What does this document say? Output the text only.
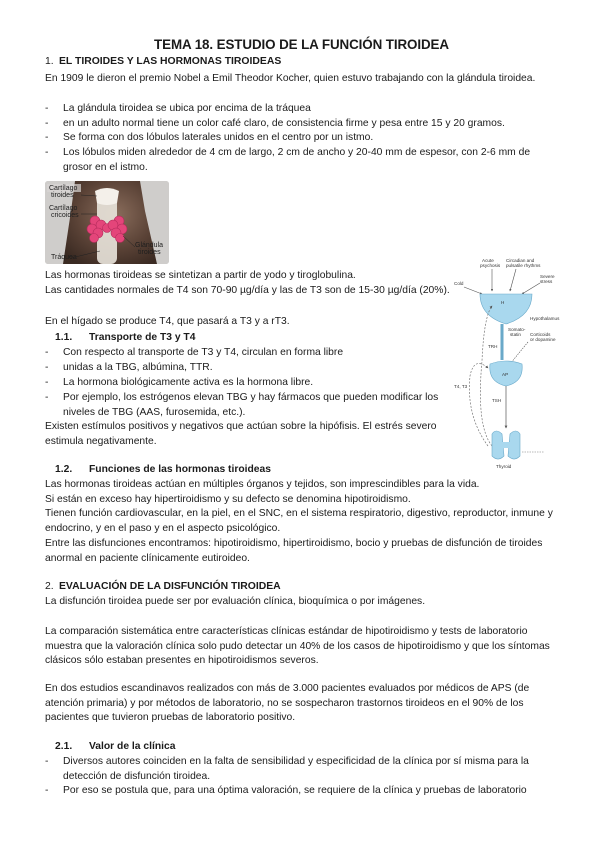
TEMA 18. ESTUDIO DE LA FUNCIÓN TIROIDEA
1. EL TIROIDES Y LAS HORMONAS TIROIDEAS
En 1909 le dieron el premio Nobel a Emil Theodor Kocher, quien estuvo trabajando con la glándula tiroidea.
- La glándula tiroidea se ubica por encima de la tráquea
- en un adulto normal tiene un color café claro, de consistencia firme y pesa entre 15 y 20 gramos.
- Se forma con dos lóbulos laterales unidos en el centro por un istmo.
- Los lóbulos miden alrededor de 4 cm de largo, 2 cm de ancho y 20-40 mm de espesor, con 2-6 mm de grosor en el istmo.
Cartílago
tiroides
Cartílago
cricoides
Tráquea
Glándula
tiroides
Las hormonas tiroideas se sintetizan a partir de yodo y tiroglobulina.
Las cantidades normales de T4 son 70-90 µg/día y las de T3 son de 15-30 µg/día (20%).
En el hígado se produce T4, que pasará a T3 y a rT3.
Cold
Acute
psychosis
Circadian and
pulsatile rhythms
Severe
stress
H
Hypothalamus
Somato-
statin Corticoids
or dopamine
TRH
AP
TSH
T4, T3
Thyroid
1.1. Transporte de T3 y T4
- Con respecto al transporte de T3 y T4, circulan en forma libre
- unidas a la TBG, albúmina, TTR.
- La hormona biológicamente activa es la hormona libre.
- Por ejemplo, los estrógenos elevan TBG y hay fármacos que pueden modificar los niveles de TBG (AAS, furosemida, etc.).
Existen estímulos positivos y negativos que actúan sobre la hipófisis. El estrés severo estimula negativamente.
1.2. Funciones de las hormonas tiroideas
Las hormonas tiroideas actúan en múltiples órganos y tejidos, son imprescindibles para la vida.
Si están en exceso hay hipertiroidismo y su defecto se denomina hipotiroidismo.
Tienen función cardiovascular, en la piel, en el SNC, en el sistema respiratorio, digestivo, reproductor, inmune y endocrino, y en el paso y en el aspecto psicológico.
Entre las disfunciones encontramos: hipotiroidismo, hipertiroidismo, bocio y pruebas de disfunción de tiroides anormal en paciente clínicamente eutiroideo.
2. EVALUACIÓN DE LA DISFUNCIÓN TIROIDEA
La disfunción tiroidea puede ser por evaluación clínica, bioquímica o por imágenes.
La comparación sistemática entre características clínicas estándar de hipotiroidismo y tests de laboratorio muestra que la valoración clínica solo pudo detectar un 40% de los casos de hipotiroidismo y que los síntomas clásicos sólo estaban presentes en hipotiroidismos severos.
En dos estudios escandinavos realizados con más de 3.000 pacientes evaluados por médicos de APS (de atención primaria) y por métodos de laboratorio, no se sospecharon trastornos tiroideos en el 90% de los pacientes que tuvieron pruebas de laboratorio positivo.
2.1. Valor de la clínica
- Diversos autores coinciden en la falta de sensibilidad y especificidad de la clínica por sí misma para la detección de disfunción tiroidea.
- Por eso se postula que, para una óptima valoración, se requiere de la clínica y pruebas de laboratorio
